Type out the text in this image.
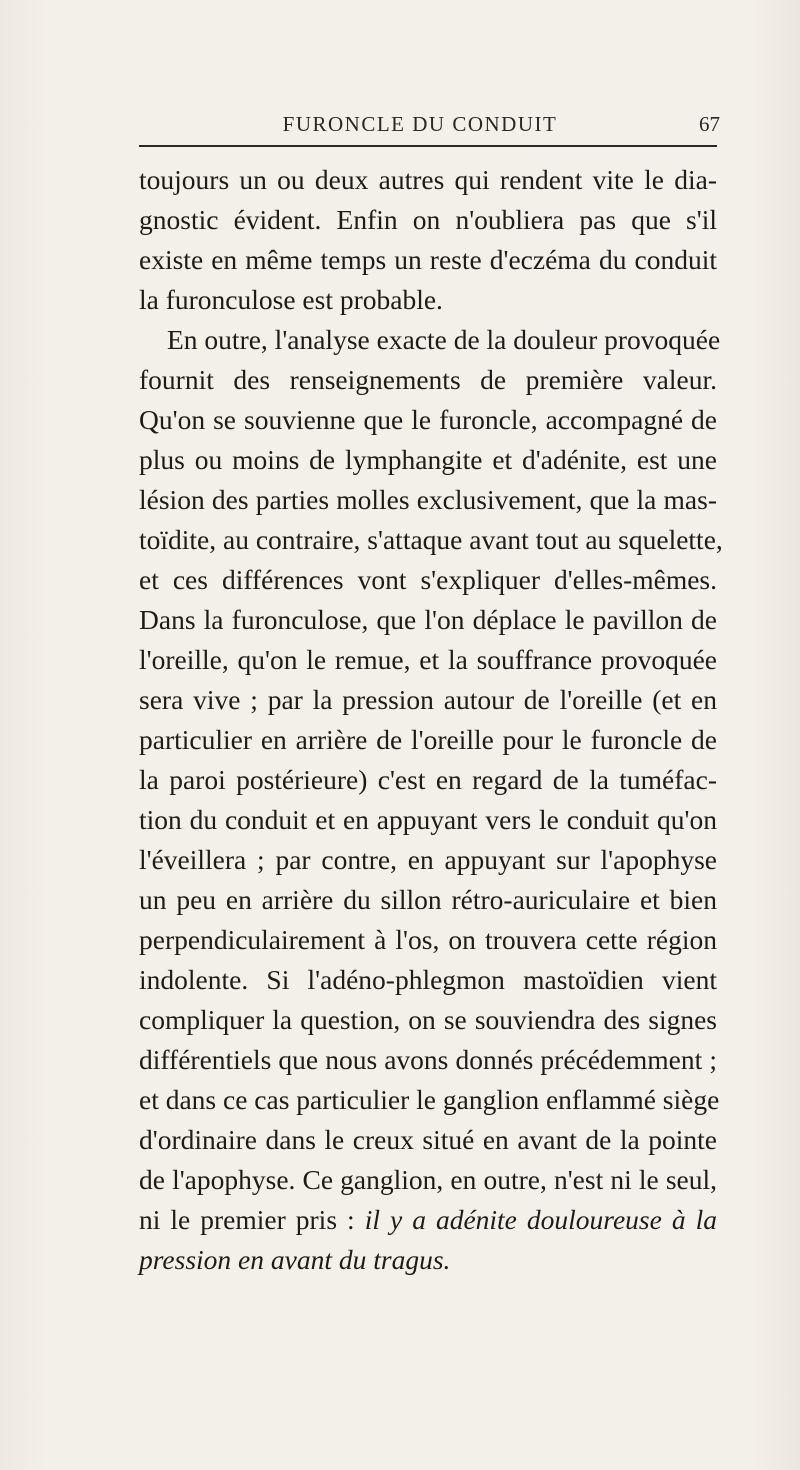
FURONCLE DU CONDUIT	67
toujours un ou deux autres qui rendent vite le dia-
gnostic évident. Enfin on n'oubliera pas que s'il
existe en même temps un reste d'eczéma du conduit
la furonculose est probable.
En outre, l'analyse exacte de la douleur provoquée
fournit des renseignements de première valeur.
Qu'on se souvienne que le furoncle, accompagné de
plus ou moins de lymphangite et d'adénite, est une
lésion des parties molles exclusivement, que la mas-
toïdite, au contraire, s'attaque avant tout au squelette,
et ces différences vont s'expliquer d'elles-mêmes.
Dans la furonculose, que l'on déplace le pavillon de
l'oreille, qu'on le remue, et la souffrance provoquée
sera vive ; par la pression autour de l'oreille (et en
particulier en arrière de l'oreille pour le furoncle de
la paroi postérieure) c'est en regard de la tuméfac-
tion du conduit et en appuyant vers le conduit qu'on
l'éveillera ; par contre, en appuyant sur l'apophyse
un peu en arrière du sillon rétro-auriculaire et bien
perpendiculairement à l'os, on trouvera cette région
indolente. Si l'adéno-phlegmon mastoïdien vient
compliquer la question, on se souviendra des signes
différentiels que nous avons donnés précédemment ;
et dans ce cas particulier le ganglion enflammé siège
d'ordinaire dans le creux situé en avant de la pointe
de l'apophyse. Ce ganglion, en outre, n'est ni le seul,
ni le premier pris : il y a adénite douloureuse à la
pression en avant du tragus.
